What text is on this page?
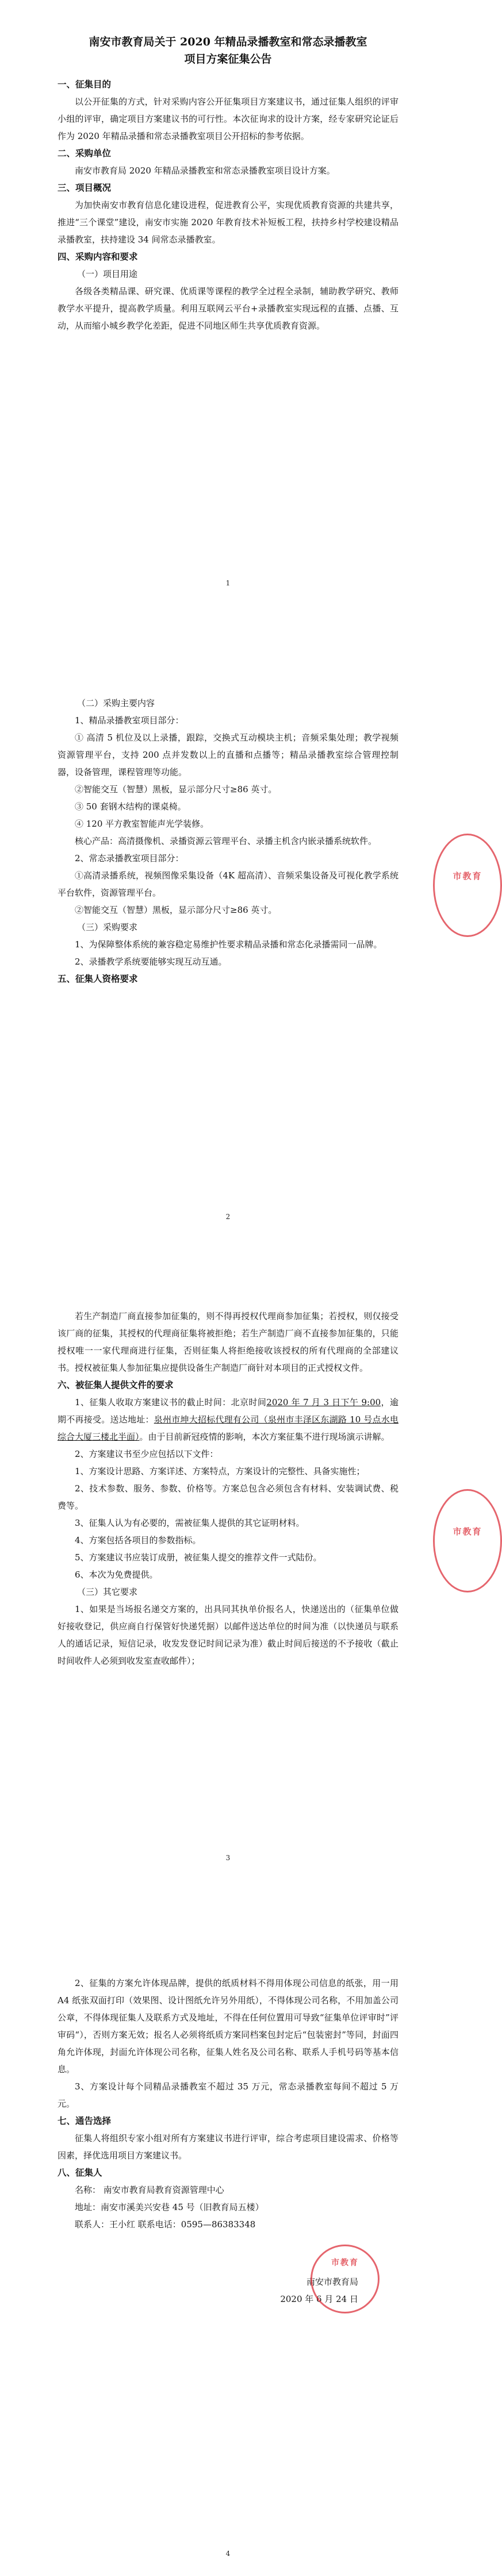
南安市教育局关于 2020 年精品录播教室和常态录播教室
项目方案征集公告
一、征集目的

以公开征集的方式，针对采购内容公开征集项目方案建议书，通过征集人组织的评审小组的评审，确定项目方案建议书的可行性。本次征询求的设计方案，经专家研究论证后作为 2020 年精品录播和常态录播教室项目公开招标的参考依据。

二、采购单位

南安市教育局 2020 年精品录播教室和常态录播教室项目设计方案。

三、项目概况

为加快南安市教育信息化建设进程，促进教育公平，实现优质教育资源的共建共享，推进“三个课堂”建设，南安市实施 2020 年教育技术补短板工程，扶持乡村学校建设精品录播教室，扶持建设 34 间常态录播教室。

四、采购内容和要求
（一）项目用途

各级各类精品课、研究课、优质课等课程的教学全过程全录制，辅助教学研究、教师教学水平提升，提高教学质量。利用互联网云平台+录播教室实现远程的直播、点播、互动，从而缩小城乡教学化差距，促进不同地区师生共享优质教育资源。

1
（二）采购主要内容

1、精品录播教室项目部分：

① 高清 5 机位及以上录播，跟踪，交换式互动模块主机；音频采集处理；教学视频资源管理平台，支持 200 点并发数以上的直播和点播等；精品录播教室综合管理控制器，设备管理，课程管理等功能。

②智能交互（智慧）黑板，显示部分尺寸≥86 英寸。

③ 50 套钢木结构的课桌椅。

④ 120 平方教室智能声光学装修。

核心产品：高清摄像机、录播资源云管理平台、录播主机含内嵌录播系统软件。

2、常态录播教室项目部分：

①高清录播系统，视频图像采集设备（4K 超高清）、音频采集设备及可视化教学系统平台软件，资源管理平台。

②智能交互（智慧）黑板，显示部分尺寸≥86 英寸。

（三）采购要求

1、为保障整体系统的兼容稳定易维护性要求精品录播和常态化录播需同一品牌。

2、录播教学系统要能够实现互动互通。

五、征集人资格要求
市教育
2

若生产制造厂商直接参加征集的，则不得再授权代理商参加征集；若授权，则仅接受该厂商的征集，其授权的代理商征集将被拒绝；若生产制造厂商不直接参加征集的，只能授权唯一一家代理商进行征集，否则征集人将拒绝接收该授权的所有代理商的全部建议书。授权被征集人参加征集应提供设备生产制造厂商针对本项目的正式授权文件。

六、被征集人提供文件的要求

1、征集人收取方案建议书的截止时间：北京时间2020 年 7 月 3 日下午 9:00，逾期不再接受。送达地址：泉州市坤大招标代理有公司（泉州市丰泽区东湖路 10 号点水电综合大厦三楼北半面）。由于目前新冠疫情的影响，本次方案征集不进行现场演示讲解。

2、方案建议书至少应包括以下文件：

1、方案设计思路、方案详述、方案特点，方案设计的完整性、具备实施性；

2、技术参数、服务、参数、价格等。方案总包含必须包含有材料、安装调试费、税费等。

3、征集人认为有必要的，需被征集人提供的其它证明材料。

4、方案包括各项目的参数指标。

5、方案建议书应装订成册，被征集人提交的推荐文件一式陆份。

6、本次为免费提供。

（三）其它要求

1、如果是当场报名递交方案的，出具同其执单价报名人，快递送出的（征集单位做好接收登记，供应商自行保管好快递凭据）以邮件送达单位的时间为准（以快递员与联系人的通话记录，短信记录，收发发登记时间记录为准）截止时间后接送的不予接收（截止时间收件人必须到收发室查收邮件）；

市教育
3

2、征集的方案允许体现品牌，提供的纸质材料不得用体现公司信息的纸张，用一用 A4 纸张双面打印（效果图、设计图纸允许另外用纸），不得体现公司名称，不用加盖公司公章，不得体现征集人及联系方式及地址，不得在任何位置用可导致“征集单位评审时”评审码“），否则方案无效；报名人必须将纸质方案同档案包封定后“包装密封”等同，封面四角允许体现，封面允许体现公司名称，征集人姓名及公司名称、联系人手机号码等基本信息。

3、方案设计每个同精品录播教室不超过 35 万元，常态录播教室每间不超过 5 万元。

七、通告选择

征集人将组织专家小组对所有方案建议书进行评审，综合考虑项目建设需求、价格等因素，择优选用项目方案建议书。

八、征集人

名称： 南安市教育局教育资源管理中心

地址：南安市溪美兴安巷 45 号（旧教育局五楼）

联系人：王小红 联系电话：0595—86383348

市教育
南安市教育局
2020 年 6 月 24 日
4
